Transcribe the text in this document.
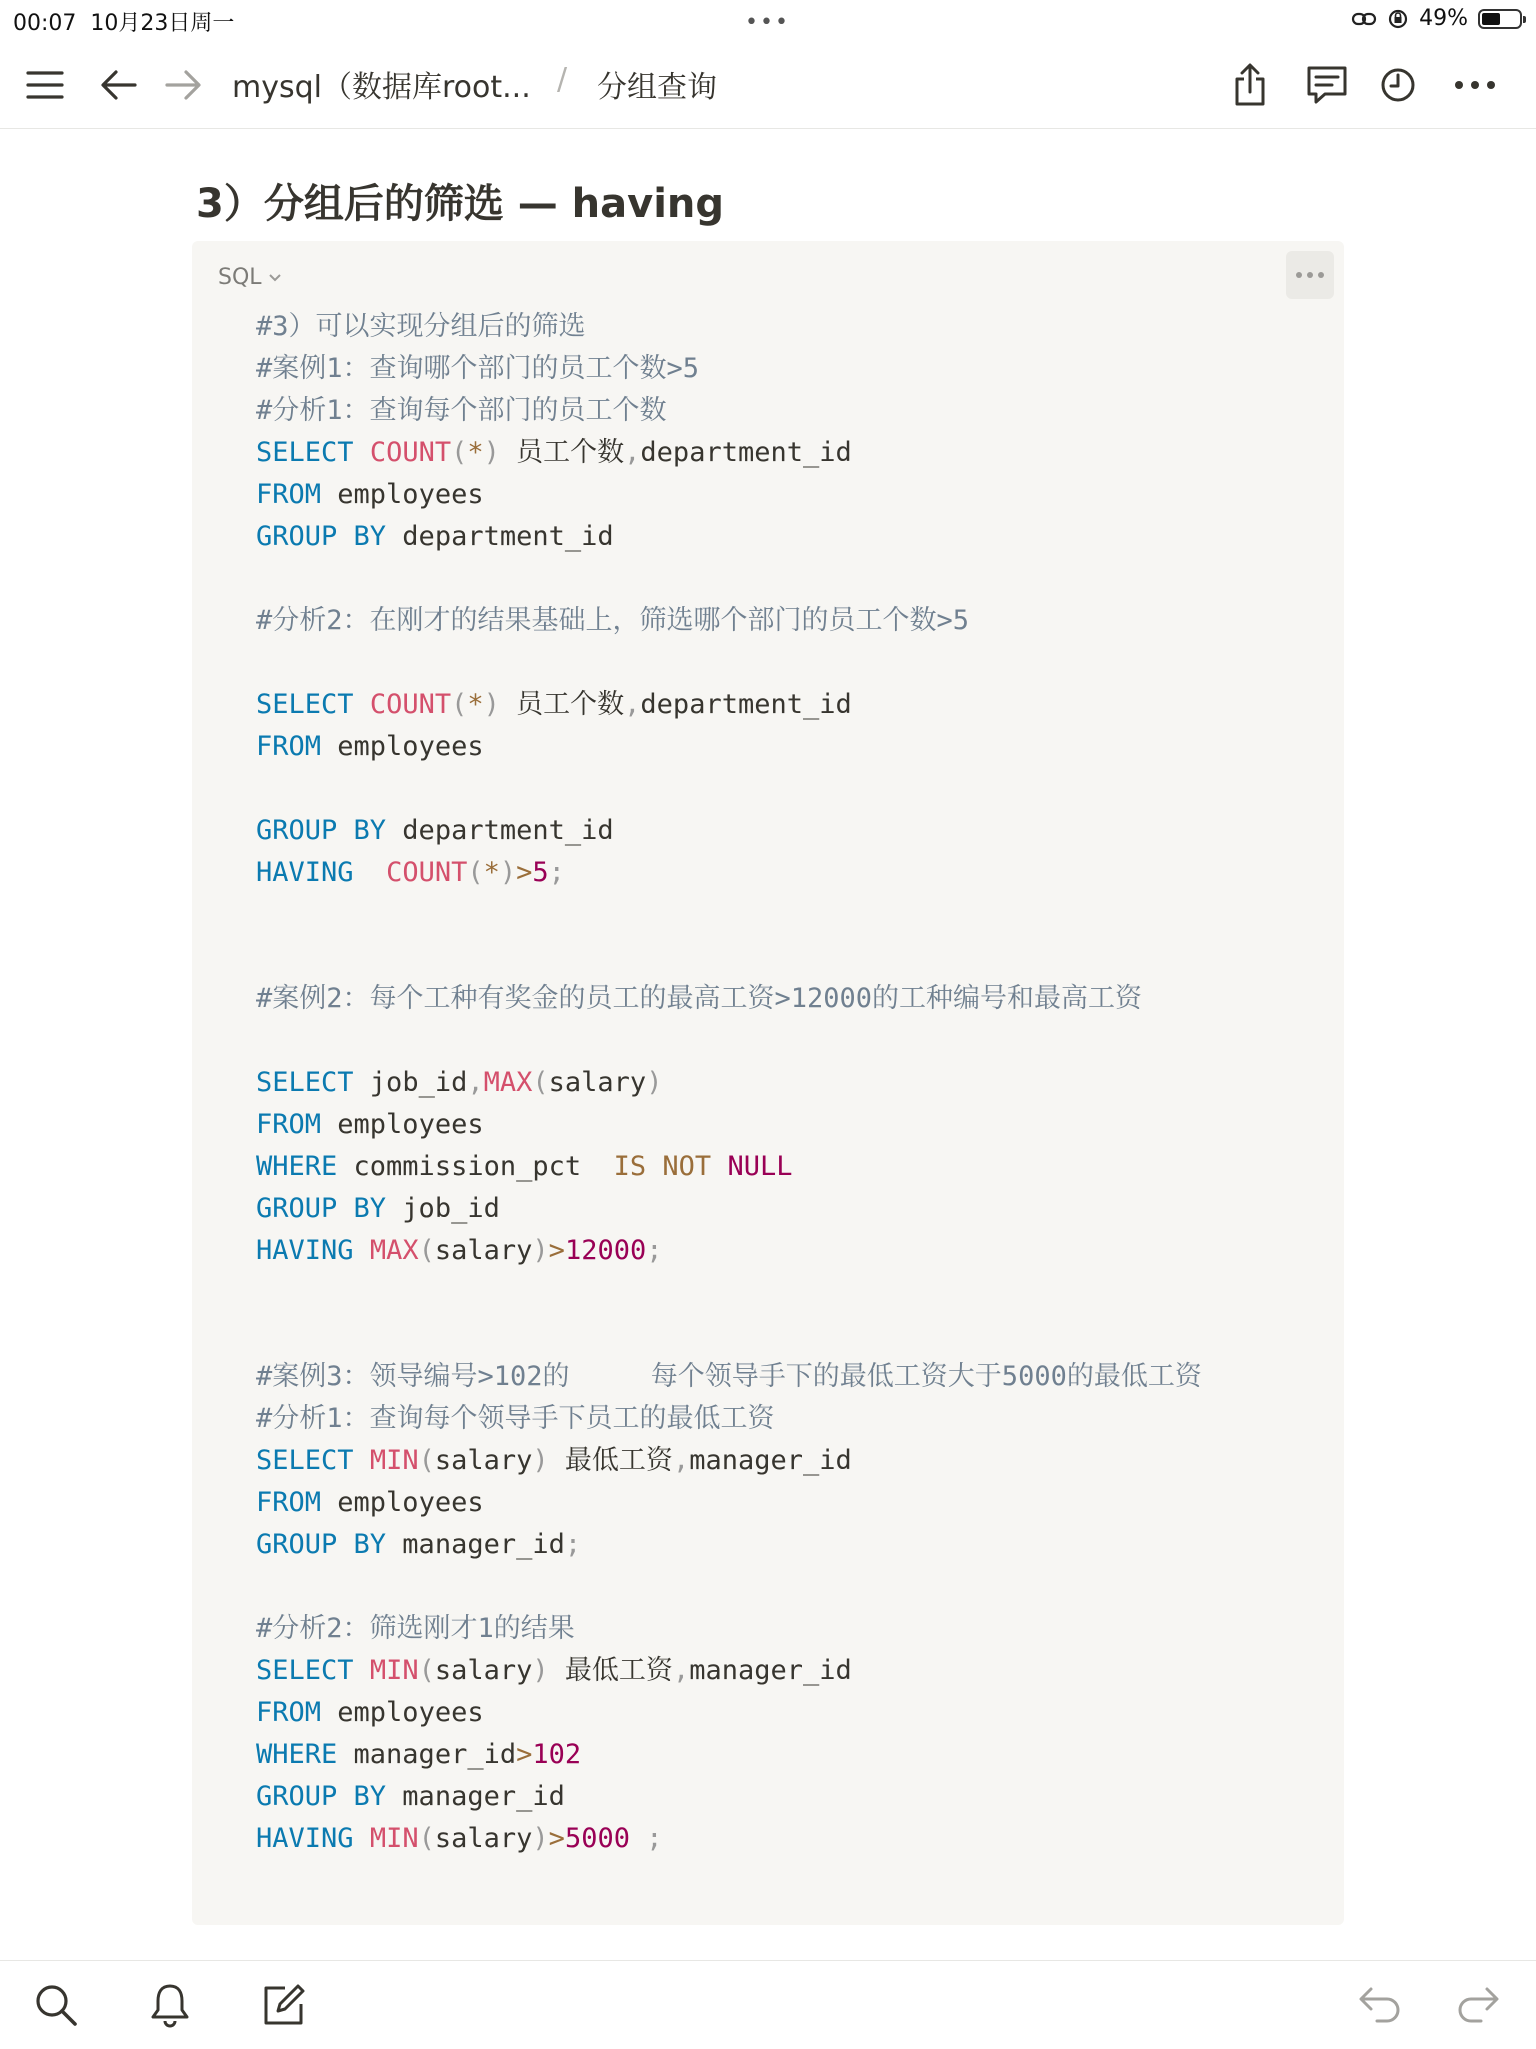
00:07 10月23日周一	•••	49%
mysql（数据库root... / 分组查询
3）分组后的筛选 — having
SQL
#3）可以实现分组后的筛选
#案例1：查询哪个部门的员工个数>5
#分析1：查询每个部门的员工个数
SELECT COUNT(*) 员工个数,department_id
FROM employees
GROUP BY department_id
#分析2：在刚才的结果基础上，筛选哪个部门的员工个数>5
SELECT COUNT(*) 员工个数,department_id
FROM employees
GROUP BY department_id
HAVING COUNT(*)>5;
#案例2：每个工种有奖金的员工的最高工资>12000的工种编号和最高工资
SELECT job_id,MAX(salary)
FROM employees
WHERE commission_pct  IS NOT NULL
GROUP BY job_id
HAVING MAX(salary)>12000;
#案例3：领导编号>102的     每个领导手下的最低工资大于5000的最低工资
#分析1：查询每个领导手下员工的最低工资
SELECT MIN(salary) 最低工资,manager_id
FROM employees
GROUP BY manager_id;
#分析2：筛选刚才1的结果
SELECT MIN(salary) 最低工资,manager_id
FROM employees
WHERE manager_id>102
GROUP BY manager_id
HAVING MIN(salary)>5000 ;
